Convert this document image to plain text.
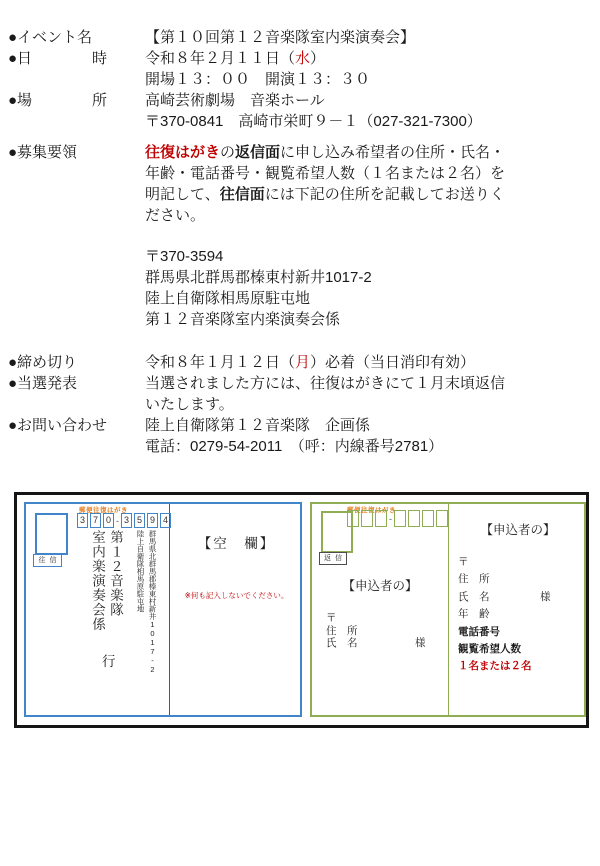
●イベント名	【第１０回第１２音楽隊室内楽演奏会】
●日　　　　時	令和８年２月１１日（水）
開場１３：００　開演１３：３０
●場　　　　所	高崎芸術劇場　音楽ホール
〒370-0841　高崎市栄町９－１（027-321-7300）
●募集要領	往復はがきの返信面に申し込み希望者の住所・氏名・年齢・電話番号・観覧希望人数（１名または２名）を明記して、往信面には下記の住所を記載してお送りください。
〒370-3594
群馬県北群馬郡榛東村新井1017-2
陸上自衛隊相馬原駐屯地
第１２音楽隊室内楽演奏会係
●締め切り	令和８年１月１２日（月）必着（当日消印有効）
●当選発表	当選されました方には、往復はがきにて１月末頃返信
いたします。
●お問い合わせ	陸上自衛隊第１２音楽隊　企画係
電話：0279-54-2011　（呼：内線番号2781）
郵便往復はがき
3 7 0 - 3 5 9 4
往信	群馬県北群馬郡榛東村新井1017-2
陸上自衛隊相馬原駐屯地
第１２音楽隊
室内楽演奏会係
行
【空　欄】
※何も記入しないでください。
郵便往復はがき
-
返信
【申込者の】
〒
住　所
氏　名	様
【申込者の】
〒
住　所
氏　名	様
年　齢
電話番号
観覧希望人数
１名または２名
